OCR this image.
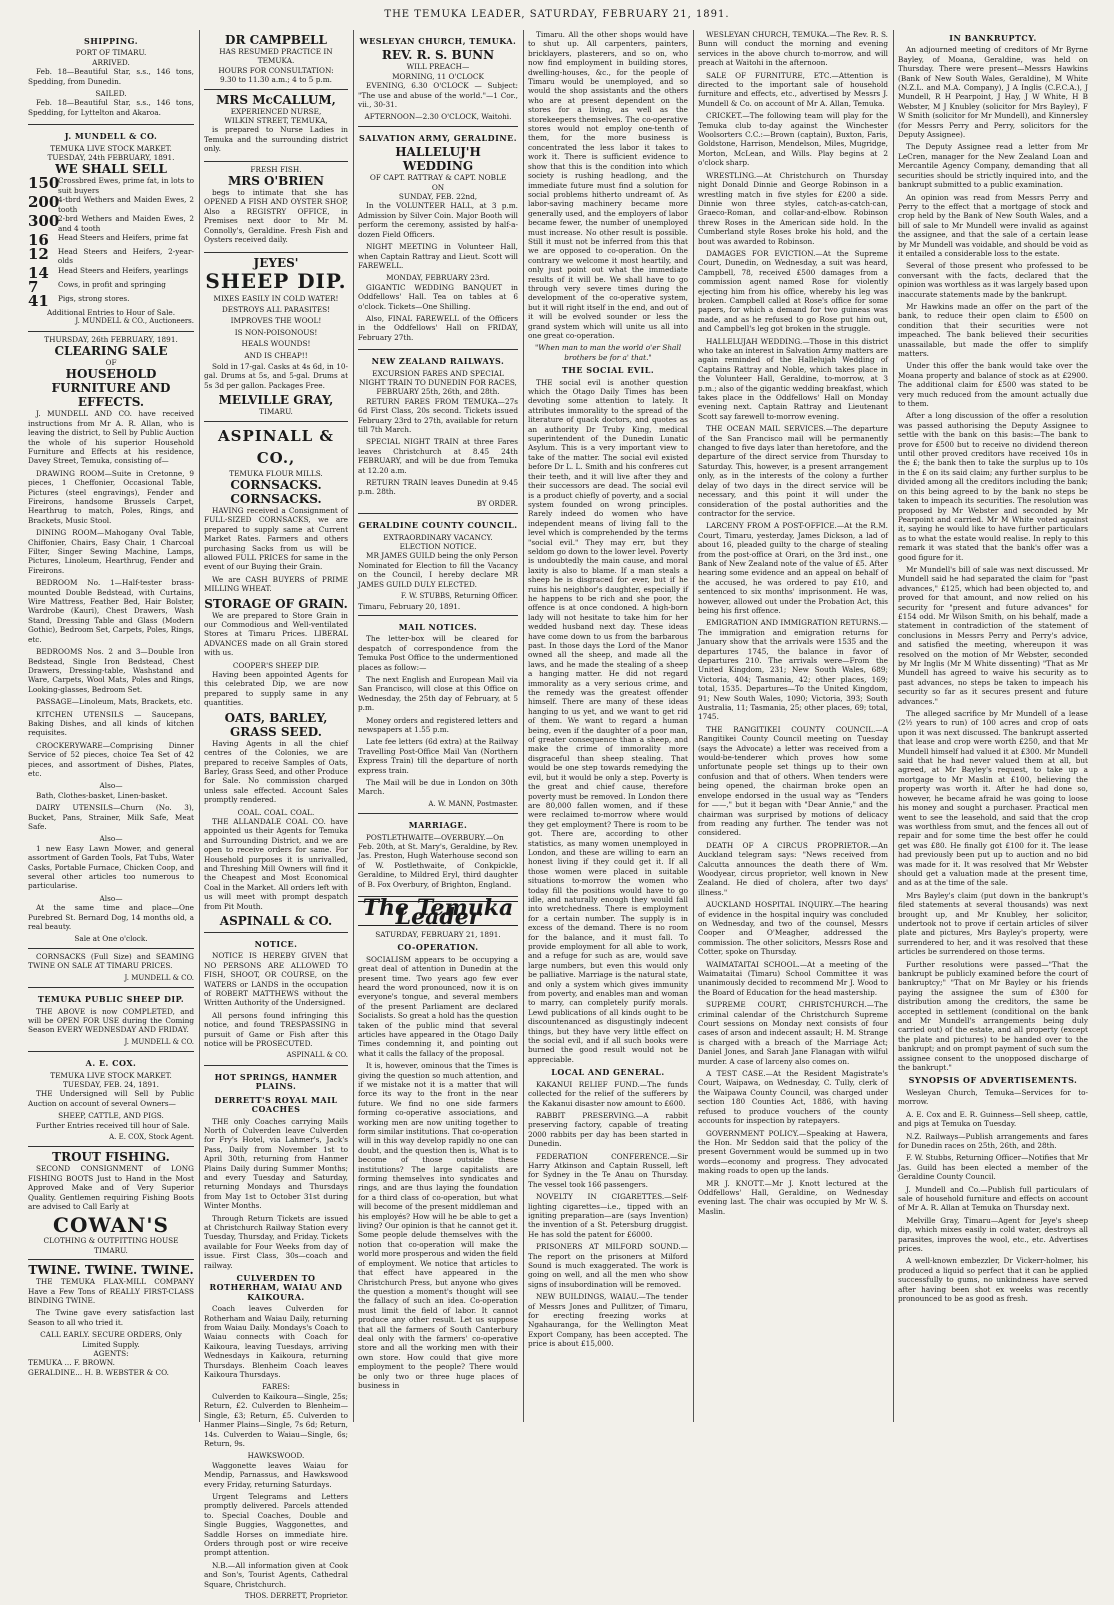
THE TEMUKA LEADER, SATURDAY, FEBRUARY 21, 1891.
SHIPPING.
PORT OF TIMARU.
ARRIVED.
Feb. 18—Beautiful Star, s.s., 146 tons, Spedding, from Dunedin.
SAILED.
Feb. 18—Beautiful Star, s.s., 146 tons, Spedding, for Lyttelton and Akaroa.
J. MUNDELL & CO.
TEMUKA LIVE STOCK MARKET.
TUESDAY, 24th FEBRUARY, 1891.
WE SHALL SELL
150
Crossbred Ewes, prime fat, in lots to suit buyers
200
4-tbrd Wethers and Maiden Ewes, 2 tooth
300
2-brd Wethers and Maiden Ewes, 2 and 4 tooth
16	Head Steers and Heifers, prime fat
12	Head Steers and Heifers, 2-year-olds
14	Head Steers and Heifers, yearlings
7	Cows, in profit and springing
41	Pigs, strong stores.
Additional Entries to Hour of Sale.
J. MUNDELL & CO., Auctioneers.
THURSDAY, 26th FEBRUARY, 1891.
CLEARING SALE
OF
HOUSEHOLD FURNITURE AND EFFECTS.
J. MUNDELL AND CO. have received instructions from Mr A. R. Allan, who is leaving the district, to Sell by Public Auction the whole of his superior Household Furniture and Effects at his residence, Davey Street, Temuka, consisting of—
DRAWING ROOM—Suite in Cretonne, 9 pieces, 1 Cheffonier, Occasional Table, Pictures (steel engravings), Fender and Fireirons, handsome Brussels Carpet, Hearthrug to match, Poles, Rings, and Brackets, Music Stool.
DINING ROOM—Mahogany Oval Table, Chiffonier, Chairs, Easy Chair, 1 Charcoal Filter, Singer Sewing Machine, Lamps, Pictures, Linoleum, Hearthrug, Fender and Fireirons.
BEDROOM No. 1—Half-tester brass-mounted Double Bedstead, with Curtains, Wire Mattress, Feather Bed, Hair Bolster, Wardrobe (Kauri), Chest Drawers, Wash Stand, Dressing Table and Glass (Modern Gothic), Bedroom Set, Carpets, Poles, Rings, etc.
BEDROOMS Nos. 2 and 3—Double Iron Bedstead, Single Iron Bedstead, Chest Drawers, Dressing-table, Washstand and Ware, Carpets, Wool Mats, Poles and Rings, Looking-glasses, Bedroom Set.
PASSAGE—Linoleum, Mats, Brackets, etc.
KITCHEN UTENSILS — Saucepans, Baking Dishes, and all kinds of kitchen requisites.
CROCKERYWARE—Comprising Dinner Service of 52 pieces, choice Tea Set of 42 pieces, and assortment of Dishes, Plates, etc.
Also—
Bath, Clothes-basket, Linen-basket.
DAIRY UTENSILS—Churn (No. 3), Bucket, Pans, Strainer, Milk Safe, Meat Safe.
Also—
1 new Easy Lawn Mower, and general assortment of Garden Tools, Fat Tubs, Water Casks, Portable Furnace, Chicken Coop, and several other articles too numerous to particularise.
Also—
At the same time and place—One Purebred St. Bernard Dog, 14 months old, a real beauty.
Sale at One o'clock.
CORNSACKS (Full Size) and SEAMING TWINE ON SALE AT TIMARU PRICES.
J. MUNDELL & CO.
TEMUKA PUBLIC SHEEP DIP.
THE ABOVE is now COMPLETED, and will be OPEN FOR USE during the Coming Season EVERY WEDNESDAY AND FRIDAY.
J. MUNDELL & CO.
A. E. COX.
TEMUKA LIVE STOCK MARKET.
TUESDAY, FEB. 24, 1891.
THE Undersigned will Sell by Public Auction on account of several Owners—
SHEEP, CATTLE, AND PIGS.
Further Entries received till hour of Sale.
A. E. COX, Stock Agent.
TROUT FISHING.
SECOND CONSIGNMENT of LONG FISHING BOOTS Just to Hand in the Most Approved Make and of Very Superior Quality. Gentlemen requiring Fishing Boots are advised to Call Early at
COWAN'S
CLOTHING & OUTFITTING HOUSE TIMARU.
TWINE. TWINE. TWINE.
THE TEMUKA FLAX-MILL COMPANY Have a Few Tons of REALLY FIRST-CLASS BINDING TWINE.
The Twine gave every satisfaction last Season to all who tried it.
CALL EARLY. SECURE ORDERS, Only Limited Supply.
AGENTS:
TEMUKA ... F. BROWN.
GERALDINE... H. B. WEBSTER & CO.
DR CAMPBELL
HAS RESUMED PRACTICE IN TEMUKA.
HOURS FOR CONSULTATION:
9.30 to 11.30 a.m.; 4 to 5 p.m.
MRS McCALLUM,
EXPERIENCED NURSE,
WILKIN STREET, TEMUKA,
is prepared to Nurse Ladies in Temuka and the surrounding district only.
FRESH FISH.
MRS O'BRIEN
begs to intimate that she has OPENED A FISH AND OYSTER SHOP, Also a REGISTRY OFFICE, in Premises next door to Mr M. Connolly's, Geraldine. Fresh Fish and Oysters received daily.
JEYES'
SHEEP DIP.
MIXES EASILY IN COLD WATER!
DESTROYS ALL PARASITES!
IMPROVES THE WOOL!
IS NON-POISONOUS!
HEALS WOUNDS!
AND IS CHEAP!!
Sold in 17-gal. Casks at 4s 6d, in 10-gal. Drums at 5s, and 5-gal. Drums at 5s 3d per gallon. Packages Free.
MELVILLE GRAY,
TIMARU.
ASPINALL & CO.,
TEMUKA FLOUR MILLS.
CORNSACKS. CORNSACKS.
HAVING received a Consignment of FULL-SIZED CORNSACKS, we are prepared to supply same at Current Market Rates. Farmers and others purchasing Sacks from us will be allowed FULL PRICES for same in the event of our Buying their Grain.
We are CASH BUYERS of PRIME MILLING WHEAT.
STORAGE OF GRAIN.
We are prepared to Store Grain in our Commodious and Well-ventilated Stores at Timaru Prices. LIBERAL ADVANCES made on all Grain stored with us.
COOPER'S SHEEP DIP.
Having been appointed Agents for this celebrated Dip, we are now prepared to supply same in any quantities.
OATS, BARLEY, GRASS SEED.
Having Agents in all the chief centres of the Colonies, we are prepared to receive Samples of Oats, Barley, Grass Seed, and other Produce for Sale. No commission charged unless sale effected. Account Sales promptly rendered.
COAL. COAL. COAL.
THE ALLANDALE COAL CO. have appointed us their Agents for Temuka and Surrounding District, and we are open to receive orders for same. For Household purposes it is unrivalled, and Threshing Mill Owners will find it the Cheapest and Most Economical Coal in the Market. All orders left with us will meet with prompt despatch from Pit Mouth.
ASPINALL & CO.
NOTICE.
NOTICE IS HEREBY GIVEN that NO PERSONS ARE ALLOWED TO FISH, SHOOT, OR COURSE, on the WATERS or LANDS in the occupation of ROBERT MATTHEWS without the Written Authority of the Undersigned.
All persons found infringing this notice, and found TRESPASSING in pursuit of Game or Fish after this notice will be PROSECUTED.
ASPINALL & CO.
HOT SPRINGS, HANMER PLAINS.
DERRETT'S ROYAL MAIL COACHES
THE only Coaches carrying Mails North of Culverden leave Culverden for Fry's Hotel, via Lahmer's, Jack's Pass, Daily from November 1st to April 30th, returning from Hanmer Plains Daily during Summer Months; and every Tuesday and Saturday, returning Mondays and Thursdays from May 1st to October 31st during Winter Months.
Through Return Tickets are issued at Christchurch Railway Station every Tuesday, Thursday, and Friday. Tickets available for Four Weeks from day of issue. First Class, 30s—coach and railway.
CULVERDEN TO ROTHERHAM, WAIAU AND KAIKOURA.
Coach leaves Culverden for Rotherham and Waiau Daily, returning from Waiau Daily. Mondays's Coach to Waiau connects with Coach for Kaikoura, leaving Tuesdays, arriving Wednesdays in Kaikoura, returning Thursdays. Blenheim Coach leaves Kaikoura Thursdays.
FARES:
Culverden to Kaikoura—Single, 25s; Return, £2. Culverden to Blenheim—Single, £3; Return, £5. Culverden to Hanmer Plains—Single, 7s 6d; Return, 14s. Culverden to Waiau—Single, 6s; Return, 9s.
HAWKSWOOD.
Waggonette leaves Waiau for Mendip, Parnassus, and Hawkswood every Friday, returning Saturdays.
Urgent Telegrams and Letters promptly delivered. Parcels attended to. Special Coaches, Double and Single Buggies, Waggonettes, and Saddle Horses on immediate hire. Orders through post or wire receive prompt attention.
N.B.—All information given at Cook and Son's, Tourist Agents, Cathedral Square, Christchurch.
THOS. DERRETT, Proprietor.
WESLEYAN CHURCH, TEMUKA.
REV. R. S. BUNN
WILL PREACH—
MORNING, 11 O'CLOCK
EVENING, 6.30 O'CLOCK — Subject: "The use and abuse of the world."—1 Cor., vii., 30-31.
AFTERNOON—2.30 O'CLOCK, Waitohi.
SALVATION ARMY, GERALDINE.
HALLELUJ'H WEDDING
OF CAPT. RATTRAY & CAPT. NOBLE
ON
SUNDAY, FEB. 22nd,
In the VOLUNTEER HALL, at 3 p.m. Admission by Silver Coin. Major Booth will perform the ceremony, assisted by half-a-dozen Field Officers.
NIGHT MEETING in Volunteer Hall, when Captain Rattray and Lieut. Scott will FAREWELL.
MONDAY, FEBRUARY 23rd.
GIGANTIC WEDDING BANQUET in Oddfellows' Hall. Tea on tables at 6 o'clock. Tickets—One Shilling.
Also, FINAL FAREWELL of the Officers in the Oddfellows' Hall on FRIDAY, February 27th.
NEW ZEALAND RAILWAYS.
EXCURSION FARES AND SPECIAL NIGHT TRAIN TO DUNEDIN FOR RACES,
FEBRUARY 25th, 26th, and 28th.
RETURN FARES FROM TEMUKA—27s 6d First Class, 20s second. Tickets issued February 23rd to 27th, available for return till 7th March.
SPECIAL NIGHT TRAIN at three Fares leaves Christchurch at 8.45 24th FEBRUARY, and will be due from Temuka at 12.20 a.m.
RETURN TRAIN leaves Dunedin at 9.45 p.m. 28th.
BY ORDER.
GERALDINE COUNTY COUNCIL.
EXTRAORDINARY VACANCY.
ELECTION NOTICE.
MR JAMES GUILD being the only Person Nominated for Election to fill the Vacancy on the Council, I hereby declare MR JAMES GUILD DULY ELECTED.
F. W. STUBBS, Returning Officer.
Timaru, February 20, 1891.
MAIL NOTICES.
The letter-box will be cleared for despatch of correspondence from the Temuka Post Office to the undermentioned places as follow:—
The next English and European Mail via San Francisco, will close at this Office on Wednesday, the 25th day of February, at 5 p.m.
Money orders and registered letters and newspapers at 1.55 p.m.
Late fee letters (6d extra) at the Railway Travelling Post-Office Mail Van (Northern Express Train) till the departure of north express train.
The Mail will be due in London on 30th March.
A. W. MANN, Postmaster.
MARRIAGE.
POSTLETHWAITE—OVERBURY.—On Feb. 20th, at St. Mary's, Geraldine, by Rev. Jas. Preston, Hugh Waterhouse second son of W. Postlethwaite, of Conkpickle, Geraldine, to Mildred Eryl, third daughter of B. Fox Overbury, of Brighton, England.
The Temuka Leader
SATURDAY, FEBRUARY 21, 1891.
CO-OPERATION.
SOCIALISM appears to be occupying a great deal of attention in Dunedin at the present time. Two years ago few ever heard the word pronounced, now it is on everyone's tongue, and several members of the present Parliament are declared Socialists. So great a hold has the question taken of the public mind that several articles have appeared in the Otago Daily Times condemning it, and pointing out what it calls the fallacy of the proposal.
It is, however, ominous that the Times is giving the question so much attention, and if we mistake not it is a matter that will force its way to the front in the near future. We find no one side farmers forming co-operative associations, and working men are now uniting together to form similar institutions. That co-operation will in this way develop rapidly no one can doubt, and the question then is, What is to become of those outside these institutions? The large capitalists are forming themselves into syndicates and rings, and are thus laying the foundation for a third class of co-operation, but what will become of the present middleman and his employés? How will he be able to get a living? Our opinion is that he cannot get it. Some people delude themselves with the notion that co-operation will make the world more prosperous and widen the field of employment. We notice that articles to that effect have appeared in the Christchurch Press, but anyone who gives the question a moment's thought will see the fallacy of such an idea. Co-operation must limit the field of labor. It cannot produce any other result. Let us suppose that all the farmers of South Canterbury deal only with the farmers' co-operative store and all the working men with their own store. How could that give more employment to the people? There would be only two or three huge places of business in
Timaru. All the other shops would have to shut up. All carpenters, painters, bricklayers, plasterers, and so on, who now find employment in building stores, dwelling-houses, &c., for the people of Timaru would be unemployed, and so would the shop assistants and the others who are at present dependent on the stores for a living, as well as the storekeepers themselves. The co-operative stores would not employ one-tenth of them, for the more business is concentrated the less labor it takes to work it. There is sufficient evidence to show that this is the condition into which society is rushing headlong, and the immediate future must find a solution for social problems hitherto undreamt of. As labor-saving machinery became more generally used, and the employers of labor became fewer, the number of unemployed must increase. No other result is possible. Still it must not be inferred from this that we are opposed to co-operation. On the contrary we welcome it most heartily, and only just point out what the immediate results of it will be. We shall have to go through very severe times during the development of the co-operative system, but it will right itself in the end, and out of it will be evolved sounder or less the grand system which will unite us all into one great co-operation.
"When man to man the world o'er Shall brothers be for a' that."
THE SOCIAL EVIL.
THE social evil is another question which the Otago Daily Times has been devoting some attention to lately. It attributes immorality to the spread of the literature of quack doctors, and quotes as an authority Dr Truby King, medical superintendent of the Dunedin Lunatic Asylum. This is a very important view to take of the matter. The social evil existed before Dr L. L. Smith and his confreres cut their teeth, and it will live after they and their successors are dead. The social evil is a product chiefly of poverty, and a social system founded on wrong principles. Rarely indeed do women who have independent means of living fall to the level which is comprehended by the terms "social evil." They may err, but they seldom go down to the lower level. Poverty is undoubtedly the main cause, and moral laxity is also to blame. If a man steals a sheep he is disgraced for ever, but if he ruins his neighbor's daughter, especially if he happens to be rich and she poor, the offence is at once condoned. A high-born lady will not hesitate to take him for her wedded husband next day. These ideas have come down to us from the barbarous past. In those days the Lord of the Manor owned all the sheep, and made all the laws, and he made the stealing of a sheep a hanging matter. He did not regard immorality as a very serious crime, and the remedy was the greatest offender himself. There are many of these ideas hanging to us yet, and we want to get rid of them. We want to regard a human being, even if the daughter of a poor man, of greater consequence than a sheep, and make the crime of immorality more disgraceful than sheep stealing. That would be one step towards remedying the evil, but it would be only a step. Poverty is the great and chief cause, therefore poverty must be removed. In London there are 80,000 fallen women, and if these were reclaimed to-morrow where would they get employment? There is room to be got. There are, according to other statistics, as many women unemployed in London, and these are willing to earn an honest living if they could get it. If all those women were placed in suitable situations to-morrow the women who today fill the positions would have to go idle, and naturally enough they would fall into wretchedness. There is employment for a certain number. The supply is in excess of the demand. There is no room for the balance, and it must fall. To provide employment for all able to work, and a refuge for such as are, would save large numbers, but even this would only be palliative. Marriage is the natural state, and only a system which gives immunity from poverty, and enables man and woman to marry, can completely purify morals. Lewd publications of all kinds ought to be discountenanced as disgustingly indecent things, but they have very little effect on the social evil, and if all such books were burned the good result would not be appreciable.
LOCAL AND GENERAL.
KAKANUI RELIEF FUND.—The funds collected for the relief of the sufferers by the Kakanui disaster now amount to £600.
RABBIT PRESERVING.—A rabbit preserving factory, capable of treating 2000 rabbits per day has been started in Dunedin.
FEDERATION CONFERENCE.—Sir Harry Atkinson and Captain Russell, left for Sydney in the Te Anau on Thursday. The vessel took 166 passengers.
NOVELTY IN CIGARETTES.—Self-lighting cigarettes—i.e., tipped with an igniting preparation—are (says Invention) the invention of a St. Petersburg druggist. He has sold the patent for £6000.
PRISONERS AT MILFORD SOUND.—The report on the prisoners at Milford Sound is much exaggerated. The work is going on well, and all the men who show signs of insubordination will be removed.
NEW BUILDINGS, WAIAU.—The tender of Messrs Jones and Pullitzer, of Timaru, for erecting freezing works at Ngahauranga, for the Wellington Meat Export Company, has been accepted. The price is about £15,000.
WESLEYAN CHURCH, TEMUKA.—The Rev. R. S. Bunn will conduct the morning and evening services in the above church to-morrow, and will preach at Waitohi in the afternoon.
SALE OF FURNITURE, ETC.—Attention is directed to the important sale of household furniture and effects, etc., advertised by Messrs J. Mundell & Co. on account of Mr A. Allan, Temuka.
CRICKET.—The following team will play for the Temuka club to-day against the Winchester Woolsorters C.C.:—Brown (captain), Buxton, Faris, Goldstone, Harrison, Mendelson, Miles, Mugridge, Morton, McLean, and Wills. Play begins at 2 o'clock sharp.
WRESTLING.—At Christchurch on Thursday night Donald Dinnie and George Robinson in a wrestling match in five styles for £200 a side. Dinnie won three styles, catch-as-catch-can, Graeco-Roman, and collar-and-elbow. Robinson threw Roses in the American side hold. In the Cumberland style Roses broke his hold, and the bout was awarded to Robinson.
DAMAGES FOR EVICTION.—At the Supreme Court, Dunedin, on Wednesday, a suit was heard, Campbell, 78, received £500 damages from a commission agent named Rose for violently ejecting him from his office, whereby his leg was broken. Campbell called at Rose's office for some papers, for which a demand for two guineas was made, and as he refused to go Rose put him out, and Campbell's leg got broken in the struggle.
HALLELUJAH WEDDING.—Those in this district who take an interest in Salvation Army matters are again reminded of the Hallelujah Wedding of Captains Rattray and Noble, which takes place in the Volunteer Hall, Geraldine, to-morrow, at 3 p.m.; also of the gigantic wedding breakfast, which takes place in the Oddfellows' Hall on Monday evening next. Captain Rattray and Lieutenant Scott say farewell to-morrow evening.
THE OCEAN MAIL SERVICES.—The departure of the San Francisco mail will be permanently changed to five days later than heretofore, and the departure of the direct service from Thursday to Saturday. This, however, is a present arrangement only, as in the interests of the colony a further delay of two days in the direct service will be necessary, and this point it will under the consideration of the postal authorities and the contractor for the service.
LARCENY FROM A POST-OFFICE.—At the R.M. Court, Timaru, yesterday, James Dickson, a lad of about 16, pleaded guilty to the charge of stealing from the post-office at Orari, on the 3rd inst., one Bank of New Zealand note of the value of £5. After hearing some evidence and an appeal on behalf of the accused, he was ordered to pay £10, and sentenced to six months' imprisonment. He was, however, allowed out under the Probation Act, this being his first offence.
EMIGRATION AND IMMIGRATION RETURNS.—The immigration and emigration returns for January show that the arrivals were 1535 and the departures 1745, the balance in favor of departures 210. The arrivals were—From the United Kingdom, 231; New South Wales, 689; Victoria, 404; Tasmania, 42; other places, 169; total, 1535. Departures—To the United Kingdom, 91; New South Wales, 1090; Victoria, 393; South Australia, 11; Tasmania, 25; other places, 69; total, 1745.
THE RANGITIKEI COUNTY COUNCIL.—A Rangitikei County Council meeting on Tuesday (says the Advocate) a letter was received from a would-be-tenderer which proves how some unfortunate people set things up to their own confusion and that of others. When tenders were being opened, the chairman broke open an envelope endorsed in the usual way as "Tenders for ——," but it began with "Dear Annie," and the chairman was surprised by motions of delicacy from reading any further. The tender was not considered.
DEATH OF A CIRCUS PROPRIETOR.—An Auckland telegram says: "News received from Calcutta announces the death there of Wm. Woodyear, circus proprietor, well known in New Zealand. He died of cholera, after two days' illness."
AUCKLAND HOSPITAL INQUIRY.—The hearing of evidence in the hospital inquiry was concluded on Wednesday, and two of the counsel, Messrs Cooper and O'Meagher, addressed the commission. The other solicitors, Messrs Rose and Cotter, spoke on Thursday.
WAIMATAITAI SCHOOL.—At a meeting of the Waimataitai (Timaru) School Committee it was unanimously decided to recommend Mr J. Wood to the Board of Education for the head mastership.
SUPREME COURT, CHRISTCHURCH.—The criminal calendar of the Christchurch Supreme Court sessions on Monday next consists of four cases of arson and indecent assault; H. M. Strange is charged with a breach of the Marriage Act; Daniel Jones, and Sarah Jane Flanagan with wilful murder. A case of larceny also comes on.
A TEST CASE.—At the Resident Magistrate's Court, Waipawa, on Wednesday, C. Tully, clerk of the Waipawa County Council, was charged under section 180 Counties Act, 1886, with having refused to produce vouchers of the county accounts for inspection by ratepayers.
GOVERNMENT POLICY.—Speaking at Hawera, the Hon. Mr Seddon said that the policy of the present Government would be summed up in two words—economy and progress. They advocated making roads to open up the lands.
MR J. KNOTT.—Mr J. Knott lectured at the Oddfellows' Hall, Geraldine, on Wednesday evening last. The chair was occupied by Mr W. S. Maslin.
IN BANKRUPTCY.
An adjourned meeting of creditors of Mr Byrne Bayley, of Moana, Geraldine, was held on Thursday. There were present—Messrs Hawkins (Bank of New South Wales, Geraldine), M White (N.Z.L. and M.A. Company), J A Inglis (C.F.C.A.), J Mundell, R H Pearpoint, J Hay, J W White, H B Webster, M J Knubley (solicitor for Mrs Bayley), F W Smith (solicitor for Mr Mundell), and Kinnersley (for Messrs Perry and Perry, solicitors for the Deputy Assignee).
The Deputy Assignee read a letter from Mr LeCren, manager for the New Zealand Loan and Mercantile Agency Company, demanding that all securities should be strictly inquired into, and the bankrupt submitted to a public examination.
An opinion was read from Messrs Perry and Perry to the effect that a mortgage of stock and crop held by the Bank of New South Wales, and a bill of sale to Mr Mundell were invalid as against the assignee, and that the sale of a certain lease by Mr Mundell was voidable, and should be void as it entailed a considerable loss to the estate.
Several of those present who professed to be conversant with the facts, declared that the opinion was worthless as it was largely based upon inaccurate statements made by the bankrupt.
Mr Hawkins made an offer on the part of the bank, to reduce their open claim to £500 on condition that their securities were not impeached. The bank believed their securities unassailable, but made the offer to simplify matters.
Under this offer the bank would take over the Moana property and balance of stock as at £2900. The additional claim for £500 was stated to be very much reduced from the amount actually due to them.
After a long discussion of the offer a resolution was passed authorising the Deputy Assignee to settle with the bank on this basis:—The bank to prove for £500 but to receive no dividend thereon until other proved creditors have received 10s in the £; the bank then to take the surplus up to 10s in the £ on its said claim; any further surplus to be divided among all the creditors including the bank; on this being agreed to by the bank no steps be taken to impeach its securities. The resolution was proposed by Mr Webster and seconded by Mr Pearpoint and carried. Mr M White voted against it, saying he would like to have further particulars as to what the estate would realise. In reply to this remark it was stated that the bank's offer was a good figure for it.
Mr Mundell's bill of sale was next discussed. Mr Mundell said he had separated the claim for "past advances," £125, which had been objected to, and proved for that amount, and now relied on his security for "present and future advances" for £154 odd. Mr Wilson Smith, on his behalf, made a statement in contradiction of the statement of conclusions in Messrs Perry and Perry's advice, and satisfied the meeting, whereupon it was resolved on the motion of Mr Webster, seconded by Mr Inglis (Mr M White dissenting) "That as Mr Mundell has agreed to waive his security as to past advances, no steps be taken to impeach his security so far as it secures present and future advances."
The alleged sacrifice by Mr Mundell of a lease (2½ years to run) of 100 acres and crop of oats upon it was next discussed. The bankrupt asserted that lease and crop were worth £250, and that Mr Mundell himself had valued it at £300. Mr Mundell said that he had never valued them at all, but agreed, at Mr Bayley's request, to take up a mortgage to Mr Maslin at £100, believing the property was worth it. After he had done so, however, he became afraid he was going to loose his money and sought a purchaser. Practical men went to see the leasehold, and said that the crop was worthless from smut, and the fences all out of repair and for some time the best offer he could get was £80. He finally got £100 for it. The lease had previously been put up to auction and no bid was made for it. It was resolved that Mr Webster should get a valuation made at the present time, and as at the time of the sale.
Mrs Bayley's claim (put down in the bankrupt's filed statements at several thousands) was next brought up, and Mr Knubley, her solicitor, undertook not to prove if certain articles of silver plate and pictures, Mrs Bayley's property, were surrendered to her, and it was resolved that these articles be surrendered on those terms.
Further resolutions were passed—"That the bankrupt be publicly examined before the court of bankruptcy;" "That on Mr Bayley or his friends paying the assignee the sum of £300 for distribution among the creditors, the same be accepted in settlement (conditional on the bank and Mr Mundell's arrangements being duly carried out) of the estate, and all property (except the plate and pictures) to be handed over to the bankrupt; and on prompt payment of such sum the assignee consent to the unopposed discharge of the bankrupt."
SYNOPSIS OF ADVERTISEMENTS.
Wesleyan Church, Temuka—Services for to-morrow.
A. E. Cox and E. R. Guinness—Sell sheep, cattle, and pigs at Temuka on Tuesday.
N.Z. Railways—Publish arrangements and fares for Dunedin races on 25th, 26th, and 28th.
F. W. Stubbs, Returning Officer—Notifies that Mr Jas. Guild has been elected a member of the Geraldine County Council.
J. Mundell and Co.—Publish full particulars of sale of household furniture and effects on account of Mr A. R. Allan at Temuka on Thursday next.
Melville Gray, Timaru—Agent for Jeye's sheep dip, which mixes easily in cold water, destroys all parasites, improves the wool, etc., etc. Advertises prices.
A well-known embezzler, Dr Vickerr-holmer, his produced a liquid so perfect that it can be applied successfully to gums, no unkindness have served after having been shot ex weeks was recently pronounced to be as good as fresh.
